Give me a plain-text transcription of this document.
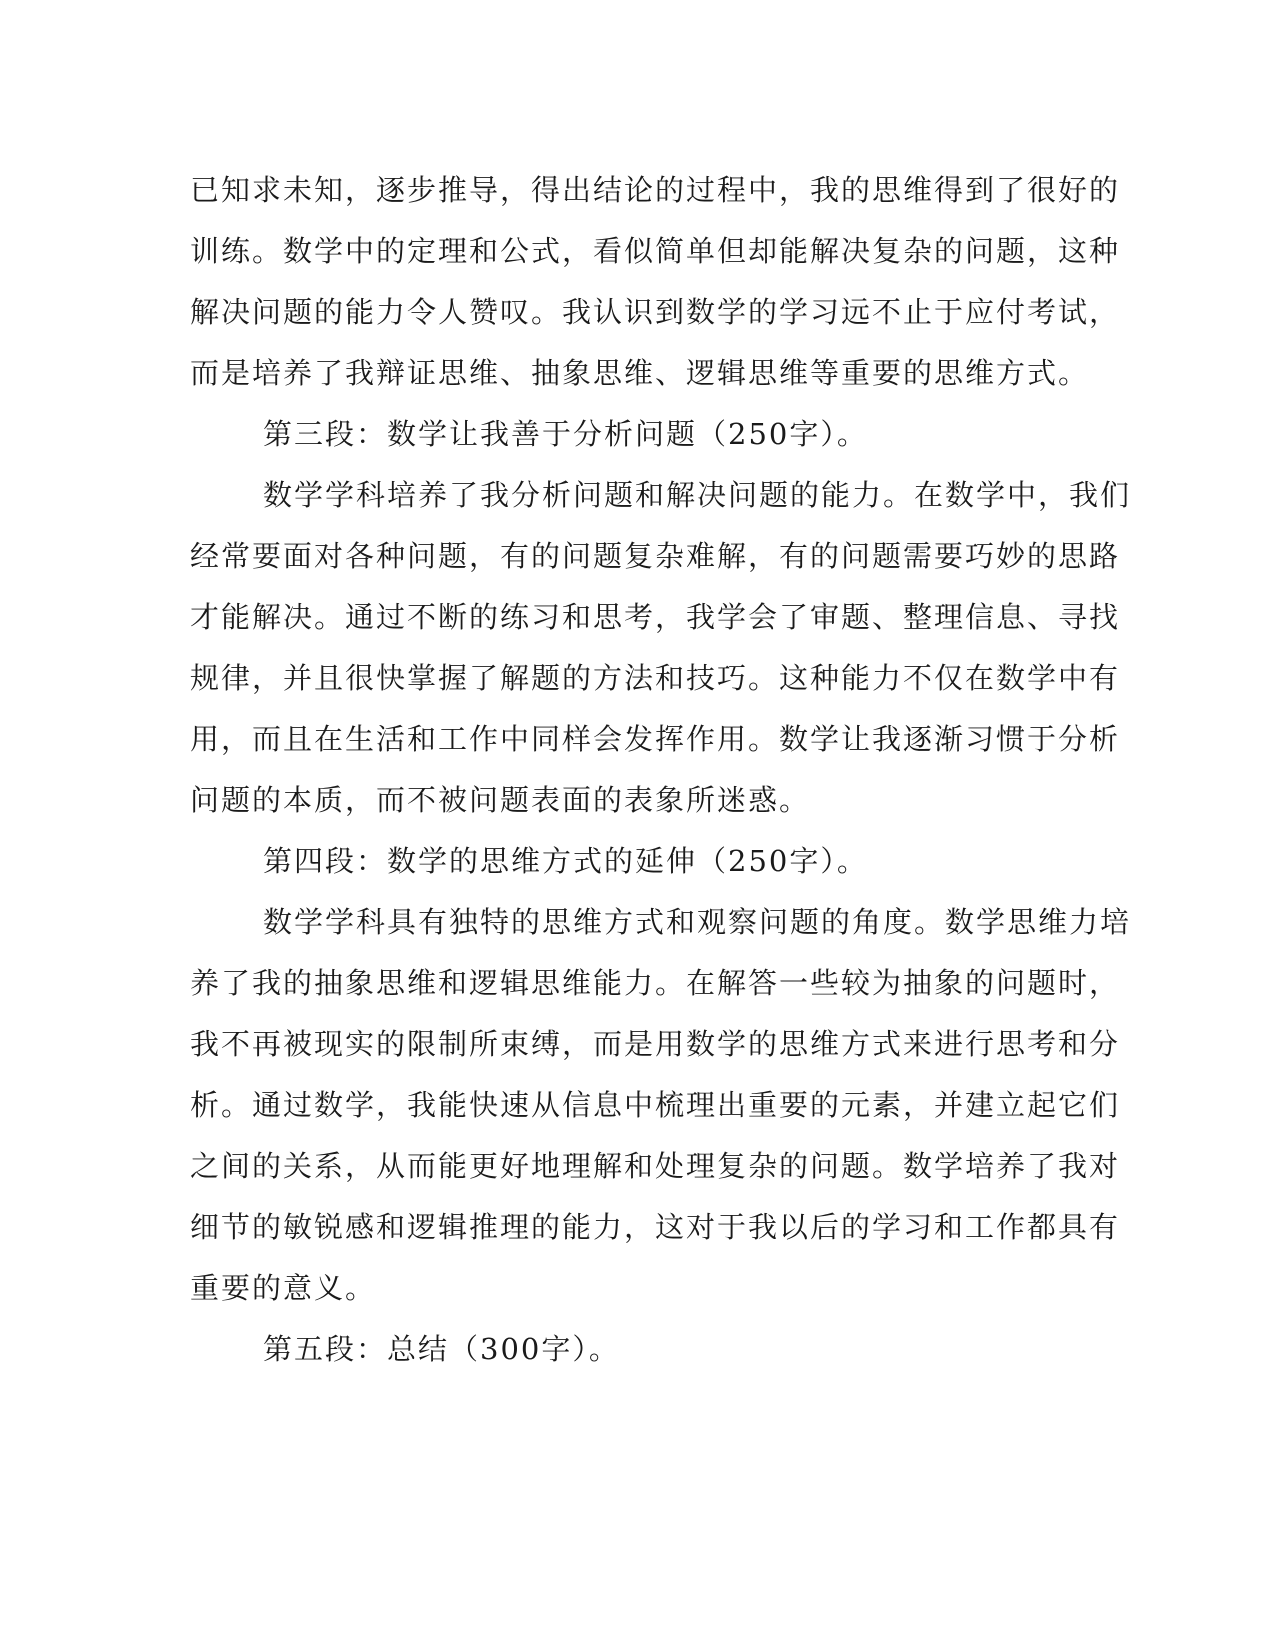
已知求未知，逐步推导，得出结论的过程中，我的思维得到了很好的
训练。数学中的定理和公式，看似简单但却能解决复杂的问题，这种
解决问题的能力令人赞叹。我认识到数学的学习远不止于应付考试，
而是培养了我辩证思维、抽象思维、逻辑思维等重要的思维方式。
第三段：数学让我善于分析问题（250字）。
数学学科培养了我分析问题和解决问题的能力。在数学中，我们
经常要面对各种问题，有的问题复杂难解，有的问题需要巧妙的思路
才能解决。通过不断的练习和思考，我学会了审题、整理信息、寻找
规律，并且很快掌握了解题的方法和技巧。这种能力不仅在数学中有
用，而且在生活和工作中同样会发挥作用。数学让我逐渐习惯于分析
问题的本质，而不被问题表面的表象所迷惑。
第四段：数学的思维方式的延伸（250字）。
数学学科具有独特的思维方式和观察问题的角度。数学思维力培
养了我的抽象思维和逻辑思维能力。在解答一些较为抽象的问题时，
我不再被现实的限制所束缚，而是用数学的思维方式来进行思考和分
析。通过数学，我能快速从信息中梳理出重要的元素，并建立起它们
之间的关系，从而能更好地理解和处理复杂的问题。数学培养了我对
细节的敏锐感和逻辑推理的能力，这对于我以后的学习和工作都具有
重要的意义。
第五段：总结（300字）。
